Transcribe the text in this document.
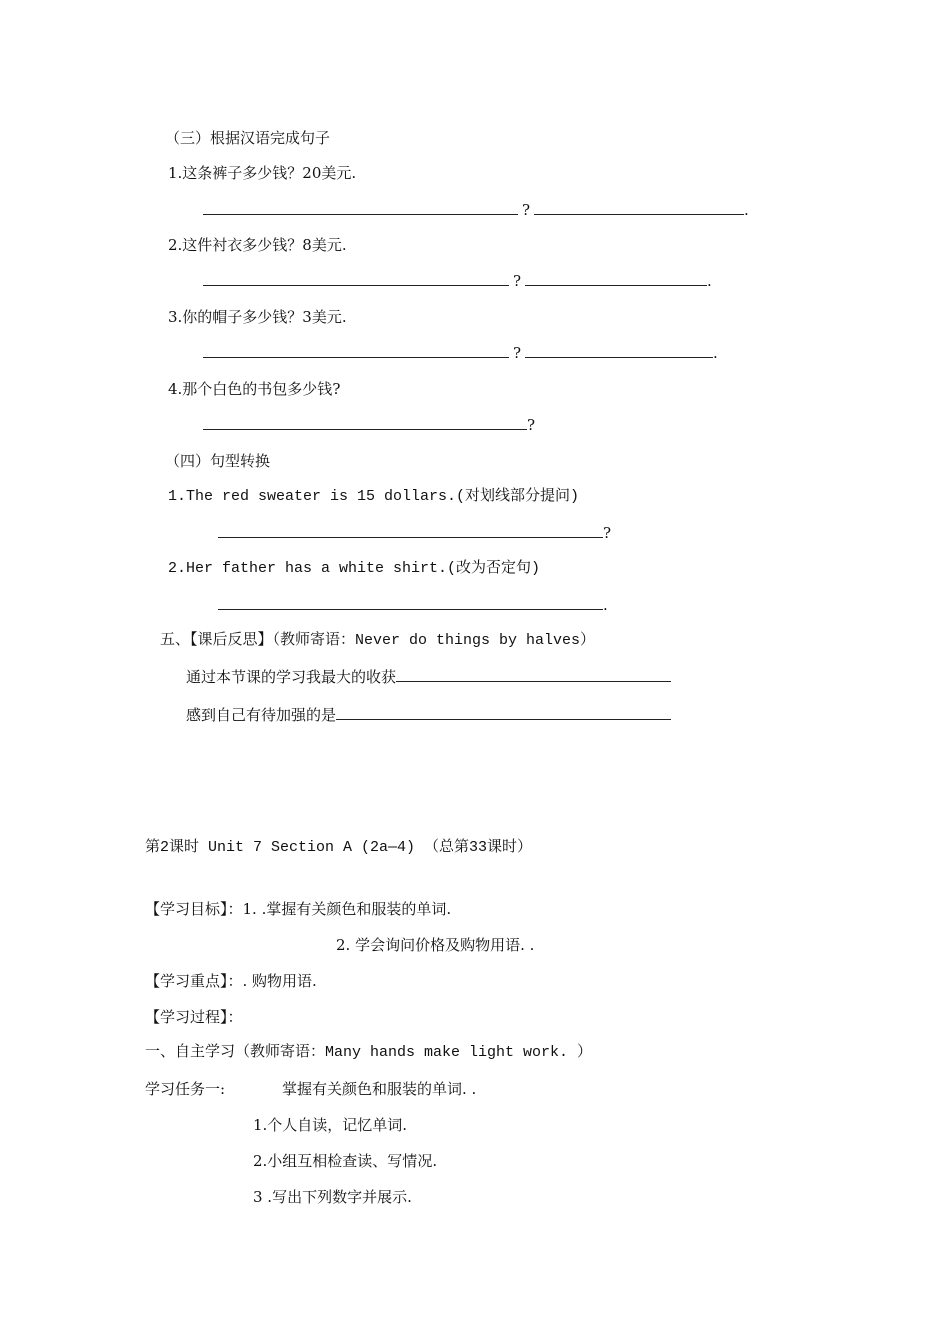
（三）根据汉语完成句子
1.这条裤子多少钱？20美元.
?	.
2.这件衬衣多少钱？8美元.
?	.
3.你的帽子多少钱？3美元.
?	.
4.那个白色的书包多少钱?
?
（四）句型转换
1.The red sweater is 15 dollars.(对划线部分提问)
?
2.Her father has a white shirt.(改为否定句)
.
五、【课后反思】（教师寄语：Never do things by halves）
通过本节课的学习我最大的收获
感到自己有待加强的是
第2课时 Unit 7 Section A (2a—4) （总第33课时）
【学习目标】：1. .掌握有关颜色和服装的单词.
2. 学会询问价格及购物用语. .
【学习重点】：. 购物用语.
【学习过程】：
一、自主学习（教师寄语：Many hands make light work. ）
学习任务一:	掌握有关颜色和服装的单词. .
1.个人自读，记忆单词.
2.小组互相检查读、写情况.
3 .写出下列数字并展示.
